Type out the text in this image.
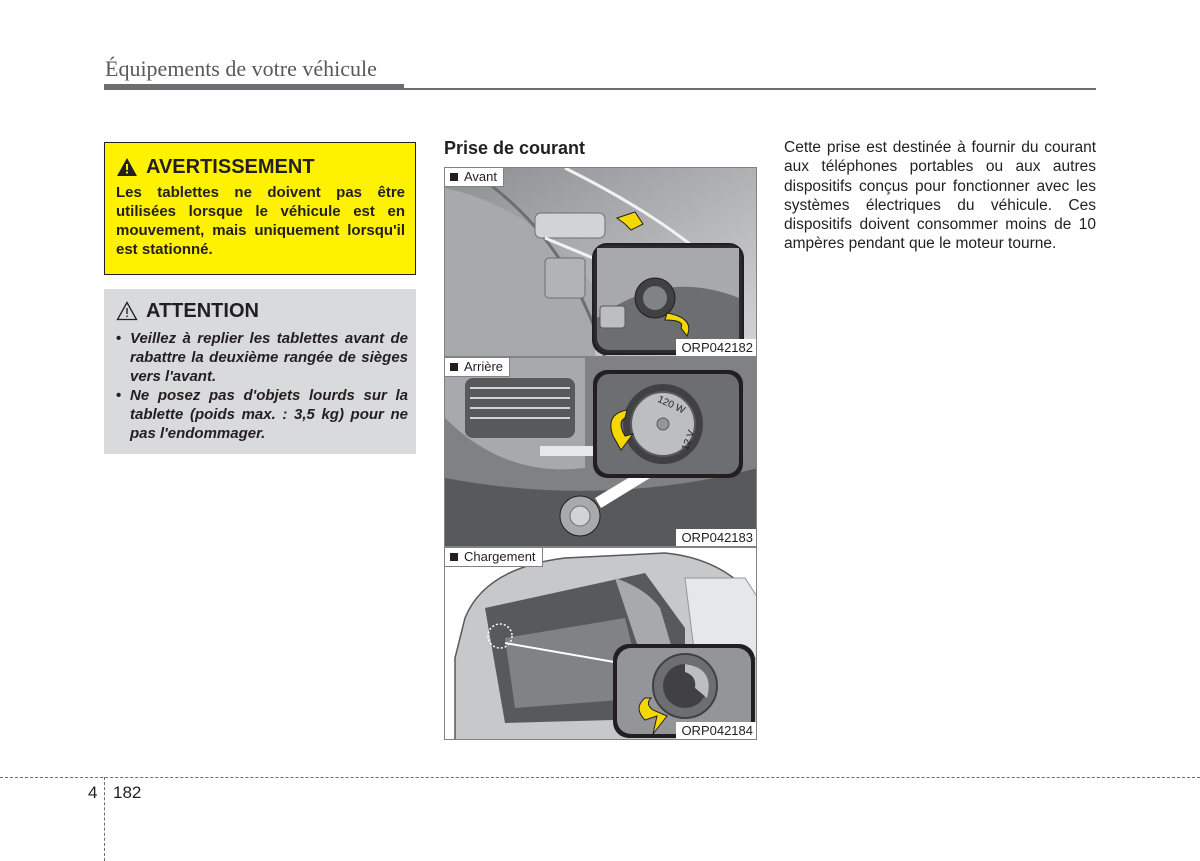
Équipements de votre véhicule
AVERTISSEMENT
Les tablettes ne doivent pas être utilisées lorsque le véhicule est en mouvement, mais uniquement lorsqu'il est stationné.
ATTENTION
• Veillez à replier les tablettes avant de rabattre la deuxième rangée de sièges vers l'avant.
• Ne posez pas d'objets lourds sur la tablette (poids max. : 3,5 kg) pour ne pas l'endommager.
Prise de courant
Avant
ORP042182
120 W
12 V
Arrière
ORP042183
Chargement
ORP042184
Cette prise est destinée à fournir du courant aux téléphones portables ou aux autres dispositifs conçus pour fonctionner avec les systèmes électriques du véhicule. Ces dispositifs doivent consommer moins de 10 ampères pendant que le moteur tourne.
4 182
